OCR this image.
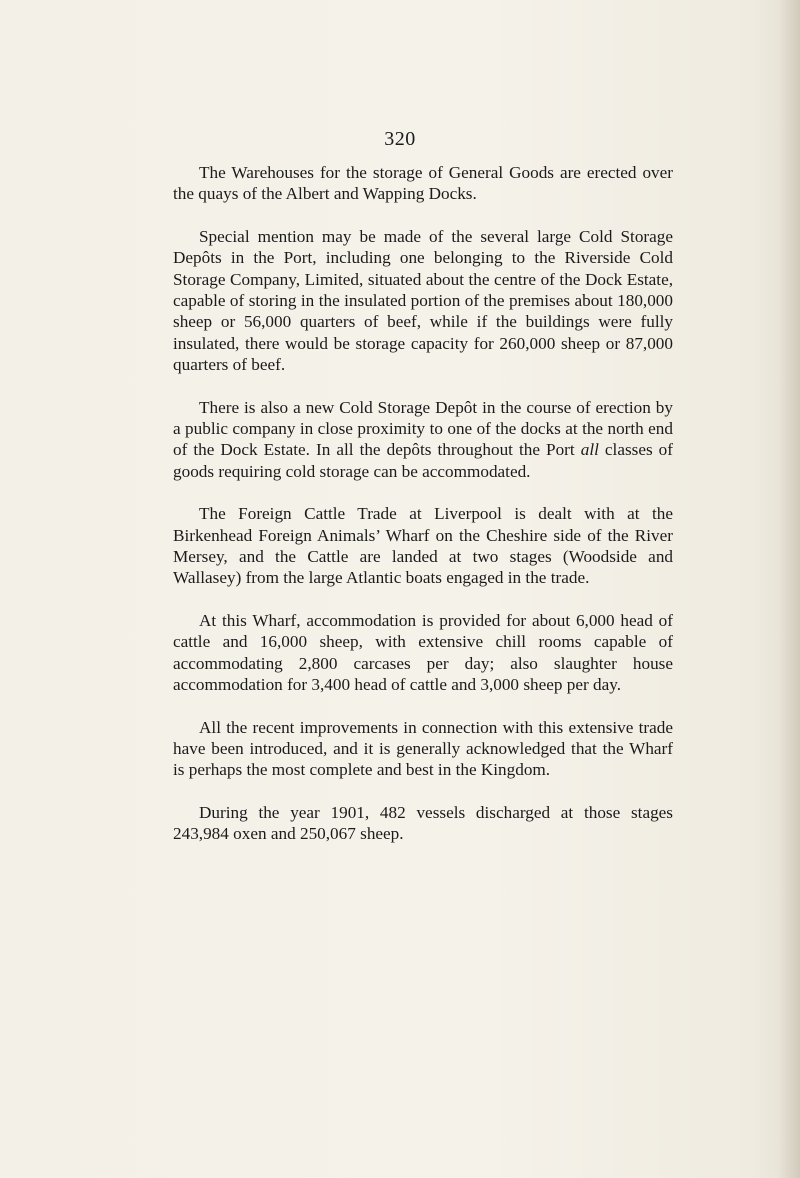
320

The Warehouses for the storage of General Goods are erected over the quays of the Albert and Wapping Docks.

Special mention may be made of the several large Cold Storage Depôts in the Port, including one belonging to the Riverside Cold Storage Company, Limited, situated about the centre of the Dock Estate, capable of storing in the insulated portion of the premises about 180,000 sheep or 56,000 quarters of beef, while if the buildings were fully insulated, there would be storage capacity for 260,000 sheep or 87,000 quarters of beef.

There is also a new Cold Storage Depôt in the course of erection by a public company in close proximity to one of the docks at the north end of the Dock Estate. In all the depôts throughout the Port all classes of goods requiring cold storage can be accommodated.

The Foreign Cattle Trade at Liverpool is dealt with at the Birkenhead Foreign Animals’ Wharf on the Cheshire side of the River Mersey, and the Cattle are landed at two stages (Woodside and Wallasey) from the large Atlantic boats engaged in the trade.

At this Wharf, accommodation is provided for about 6,000 head of cattle and 16,000 sheep, with extensive chill rooms capable of accommodating 2,800 carcases per day; also slaughter house accommodation for 3,400 head of cattle and 3,000 sheep per day.

All the recent improvements in connection with this extensive trade have been introduced, and it is generally acknowledged that the Wharf is perhaps the most complete and best in the Kingdom.

During the year 1901, 482 vessels discharged at those stages 243,984 oxen and 250,067 sheep.
